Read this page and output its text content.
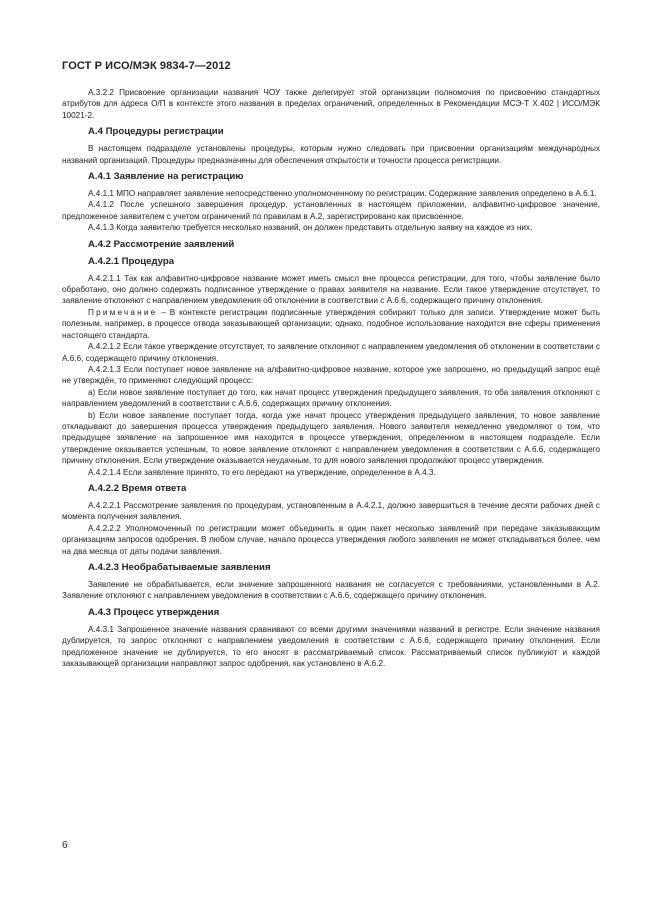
ГОСТ Р ИСО/МЭК 9834-7—2012

А.3.2.2 Присвоение организации названия ЧОУ также делегирует этой организации полномочия по присвоению стандартных атрибутов для адреса О/П в контексте этого названия в пределах ограничений, определенных в Рекомендации МСЭ-Т X.402 | ИСО/МЭК 10021-2.

А.4 Процедуры регистрации

В настоящем подразделе установлены процедуры, которым нужно следовать при присвоении организациям международных названий организаций. Процедуры предназначены для обеспечения открытости и точности процесса регистрации.

А.4.1 Заявление на регистрацию

А.4.1.1 МПО направляет заявление непосредственно уполномоченному по регистрации. Содержание заявления определено в А.6.1.

А.4.1.2 После успешного завершения процедур, установленных в настоящем приложении, алфавитно-цифровое значение, предложенное заявителем с учетом ограничений по правилам в А.2, зарегистрировано как присвоенное.

А.4.1.3 Когда заявителю требуется несколько названий, он должен представить отдельную заявку на каждое из них.

А.4.2 Рассмотрение заявлений
А.4.2.1 Процедура

А.4.2.1.1 Так как алфавитно-цифровое название может иметь смысл вне процесса регистрации, для того, чтобы заявление было обработано, оно должно содержать подписанное утверждение о правах заявителя на название. Если такое утверждение отсутствует, то заявление отклоняют с направлением уведомления об отклонении в соответствии с А.6.6, содержащего причину отклонения.

Примечание – В контексте регистрации подписанные утверждения собирают только для записи. Утверждение может быть полезным, например, в процессе отвода заказывающей организации; однако, подобное использование находится вне сферы применения настоящего стандарта.

А.4.2.1.2 Если такое утверждение отсутствует, то заявление отклоняют с направлением уведомления об отклонении в соответствии с А.6.6, содержащего причину отклонения.

А.4.2.1.3 Если поступает новое заявление на алфавитно-цифровое название, которое уже запрошено, но предыдущий запрос ещё не утверждён, то применяют следующий процесс:

а) Если новое заявление поступает до того, как начат процесс утверждения предыдущего заявления, то оба заявления отклоняют с направлением уведомлений в соответствии с А.6.6, содержащих причину отклонения.

b) Если новое заявление поступает тогда, когда уже начат процесс утверждения предыдущего заявления, то новое заявление откладывают до завершения процесса утверждения предыдущего заявления. Нового заявителя немедленно уведомляют о том, что предыдущее заявление на запрошенное имя находится в процессе утверждения, определенном в настоящем подразделе. Если утверждение оказывается успешным, то новое заявление отклоняют с направлением уведомления в соответствии с А.6.6, содержащего причину отклонения. Если утверждение оказывается неудачным, то для нового заявления продолжают процесс утверждения.

А.4.2.1.4 Если заявление принято, то его передают на утверждение, определенное в А.4.3.

А.4.2.2 Время ответа

А.4.2.2.1 Рассмотрение заявления по процедурам, установленным в А.4.2.1, должно завершиться в течение десяти рабочих дней с момента получения заявления.

А.4.2.2.2 Уполномоченный по регистрации может объединить в один пакет несколько заявлений при передаче заказывающим организациям запросов одобрения. В любом случае, начало процесса утверждения любого заявления не может откладываться более, чем на два месяца от даты подачи заявления.

А.4.2.3 Необрабатываемые заявления

Заявление не обрабатывается, если значение запрошенного названия не согласуется с требованиями, установленными в А.2. Заявление отклоняют с направлением уведомления в соответствии с А.6.6, содержащего причину отклонения.

А.4.3 Процесс утверждения

А.4.3.1 Запрошенное значение названия сравнивают со всеми другими значениями названий в регистре. Если значение названия дублируется, то запрос отклоняют с направлением уведомления в соответствии с А.6.6, содержащего причину отклонения. Если предложенное значение не дублируется, то его вносят в рассматриваемый список. Рассматриваемый список публикуют и каждой заказывающей организации направляют запрос одобрения, как установлено в А.6.2.

6
